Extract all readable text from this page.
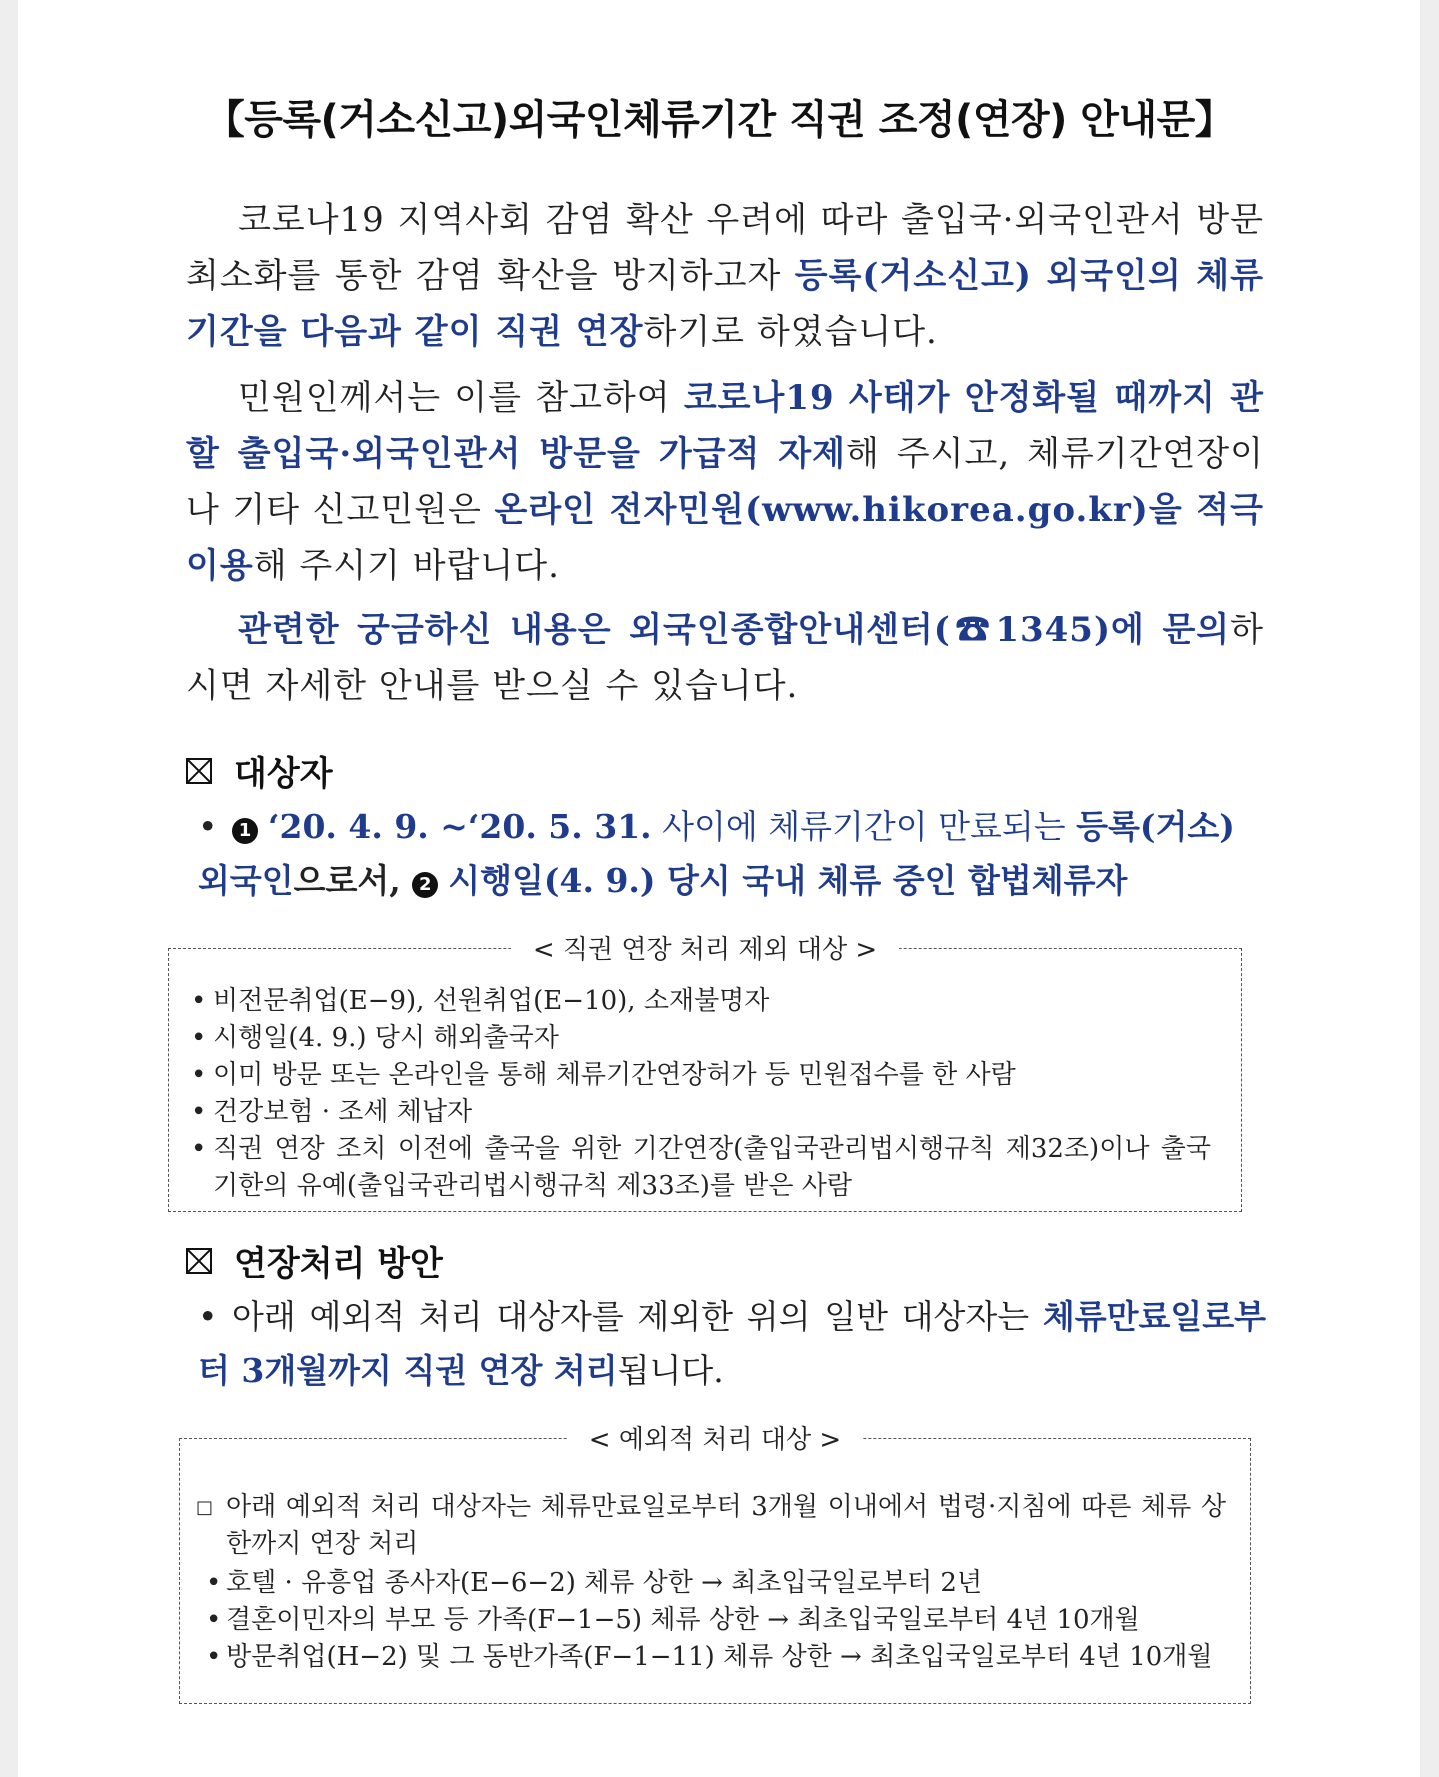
【등록(거소신고)외국인체류기간 직권 조정(연장) 안내문】
코로나19 지역사회 감염 확산 우려에 따라 출입국·외국인관서 방문 최소화를 통한 감염 확산을 방지하고자 등록(거소신고) 외국인의 체류기간을 다음과 같이 직권 연장하기로 하였습니다.
민원인께서는 이를 참고하여 코로나19 사태가 안정화될 때까지 관할 출입국·외국인관서 방문을 가급적 자제해 주시고, 체류기간연장이나 기타 신고민원은 온라인 전자민원(www.hikorea.go.kr)을 적극 이용해 주시기 바랍니다.
관련한 궁금하신 내용은 외국인종합안내센터(☎1345)에 문의하시면 자세한 안내를 받으실 수 있습니다.
대상자
• 1 ‘20. 4. 9. ~‘20. 5. 31. 사이에 체류기간이 만료되는 등록(거소) 외국인으로서, 2 시행일(4. 9.) 당시 국내 체류 중인 합법체류자
< 직권 연장 처리 제외 대상 >
• 비전문취업(E−9), 선원취업(E−10), 소재불명자
• 시행일(4. 9.) 당시 해외출국자
• 이미 방문 또는 온라인을 통해 체류기간연장허가 등 민원접수를 한 사람
• 건강보험 · 조세 체납자
• 직권 연장 조치 이전에 출국을 위한 기간연장(출입국관리법시행규칙 제32조)이나 출국기한의 유예(출입국관리법시행규칙 제33조)를 받은 사람
연장처리 방안
• 아래 예외적 처리 대상자를 제외한 위의 일반 대상자는 체류만료일로부터 3개월까지 직권 연장 처리됩니다.
< 예외적 처리 대상 >
□ 아래 예외적 처리 대상자는 체류만료일로부터 3개월 이내에서 법령·지침에 따른 체류 상한까지 연장 처리
• 호텔 · 유흥업 종사자(E−6−2) 체류 상한 → 최초입국일로부터 2년
• 결혼이민자의 부모 등 가족(F−1−5) 체류 상한 → 최초입국일로부터 4년 10개월
• 방문취업(H−2) 및 그 동반가족(F−1−11) 체류 상한 → 최초입국일로부터 4년 10개월
